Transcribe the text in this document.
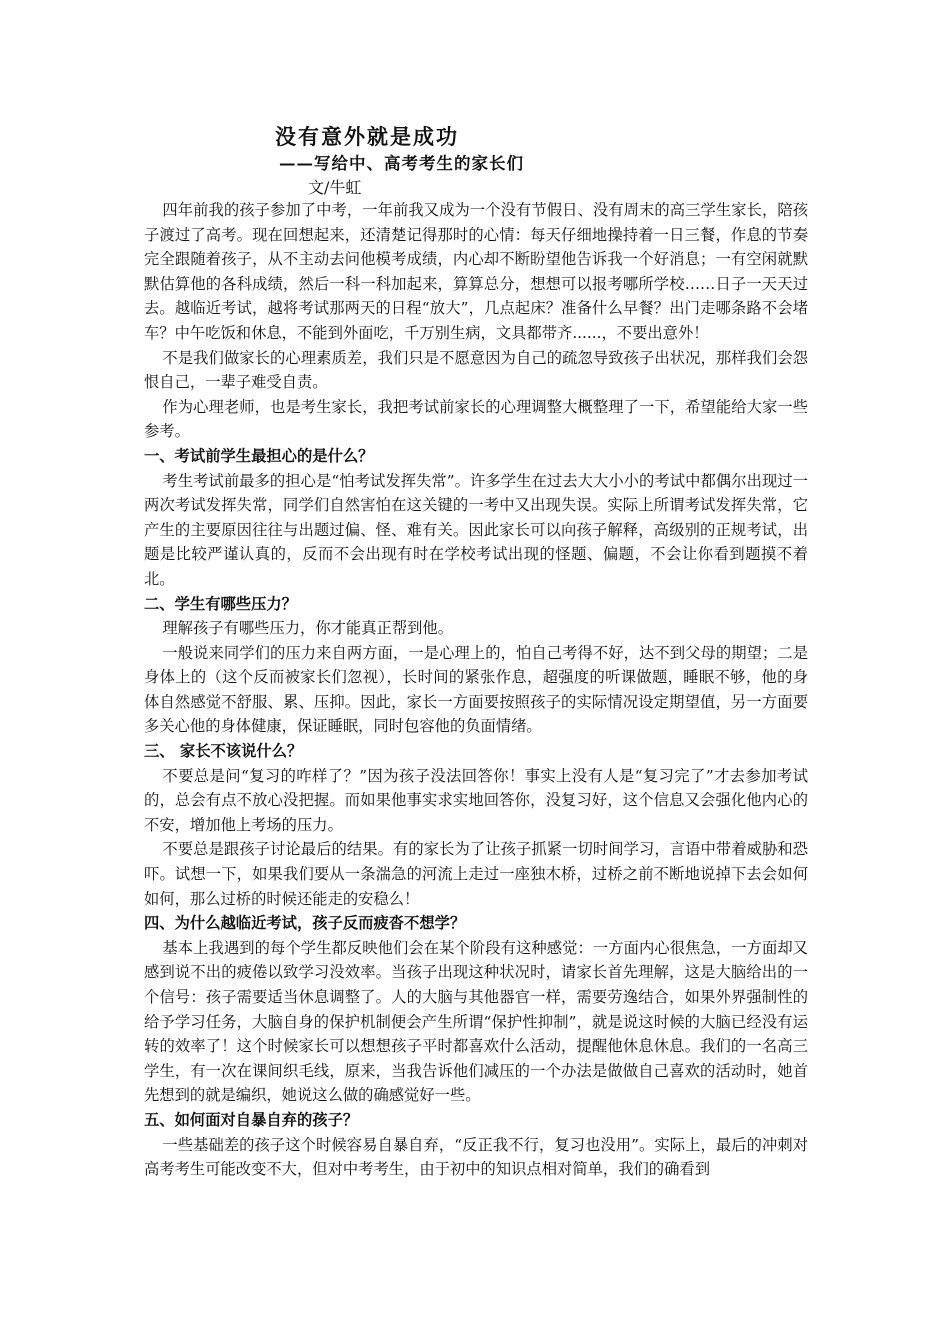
没有意外就是成功
——写给中、高考考生的家长们
文/牛虹

四年前我的孩子参加了中考，一年前我又成为一个没有节假日、没有周末的高三学生家长，陪孩子渡过了高考。现在回想起来，还清楚记得那时的心情：每天仔细地操持着一日三餐，作息的节奏完全跟随着孩子，从不主动去问他模考成绩，内心却不断盼望他告诉我一个好消息；一有空闲就默默估算他的各科成绩，然后一科一科加起来，算算总分，想想可以报考哪所学校……日子一天天过去。越临近考试，越将考试那两天的日程“放大”，几点起床？准备什么早餐？出门走哪条路不会堵车？中午吃饭和休息，不能到外面吃，千万别生病，文具都带齐......，不要出意外！

不是我们做家长的心理素质差，我们只是不愿意因为自己的疏忽导致孩子出状况，那样我们会怨恨自己，一辈子难受自责。

作为心理老师，也是考生家长，我把考试前家长的心理调整大概整理了一下，希望能给大家一些参考。

一、考试前学生最担心的是什么？

考生考试前最多的担心是“怕考试发挥失常”。许多学生在过去大大小小的考试中都偶尔出现过一两次考试发挥失常，同学们自然害怕在这关键的一考中又出现失误。实际上所谓考试发挥失常，它产生的主要原因往往与出题过偏、怪、难有关。因此家长可以向孩子解释，高级别的正规考试，出题是比较严谨认真的，反而不会出现有时在学校考试出现的怪题、偏题，不会让你看到题摸不着北。

二、学生有哪些压力？

理解孩子有哪些压力，你才能真正帮到他。

一般说来同学们的压力来自两方面，一是心理上的，怕自己考得不好，达不到父母的期望；二是身体上的（这个反而被家长们忽视），长时间的紧张作息，超强度的听课做题，睡眠不够，他的身体自然感觉不舒服、累、压抑。因此，家长一方面要按照孩子的实际情况设定期望值，另一方面要多关心他的身体健康，保证睡眠，同时包容他的负面情绪。

三、 家长不该说什么？

不要总是问“复习的咋样了？”因为孩子没法回答你！事实上没有人是“复习完了”才去参加考试的，总会有点不放心没把握。而如果他事实求实地回答你，没复习好，这个信息又会强化他内心的不安，增加他上考场的压力。

不要总是跟孩子讨论最后的结果。有的家长为了让孩子抓紧一切时间学习，言语中带着威胁和恐吓。试想一下，如果我们要从一条湍急的河流上走过一座独木桥，过桥之前不断地说掉下去会如何如何，那么过桥的时候还能走的安稳么！

四、为什么越临近考试，孩子反而疲沓不想学？

基本上我遇到的每个学生都反映他们会在某个阶段有这种感觉：一方面内心很焦急，一方面却又感到说不出的疲倦以致学习没效率。当孩子出现这种状况时，请家长首先理解，这是大脑给出的一个信号：孩子需要适当休息调整了。人的大脑与其他器官一样，需要劳逸结合，如果外界强制性的给予学习任务，大脑自身的保护机制便会产生所谓“保护性抑制”，就是说这时候的大脑已经没有运转的效率了！这个时候家长可以想想孩子平时都喜欢什么活动，提醒他休息休息。我们的一名高三学生，有一次在课间织毛线，原来，当我告诉他们减压的一个办法是做做自己喜欢的活动时，她首先想到的就是编织，她说这么做的确感觉好一些。

五、如何面对自暴自弃的孩子？

一些基础差的孩子这个时候容易自暴自弃，“反正我不行，复习也没用”。实际上，最后的冲刺对高考考生可能改变不大，但对中考考生，由于初中的知识点相对简单，我们的确看到
